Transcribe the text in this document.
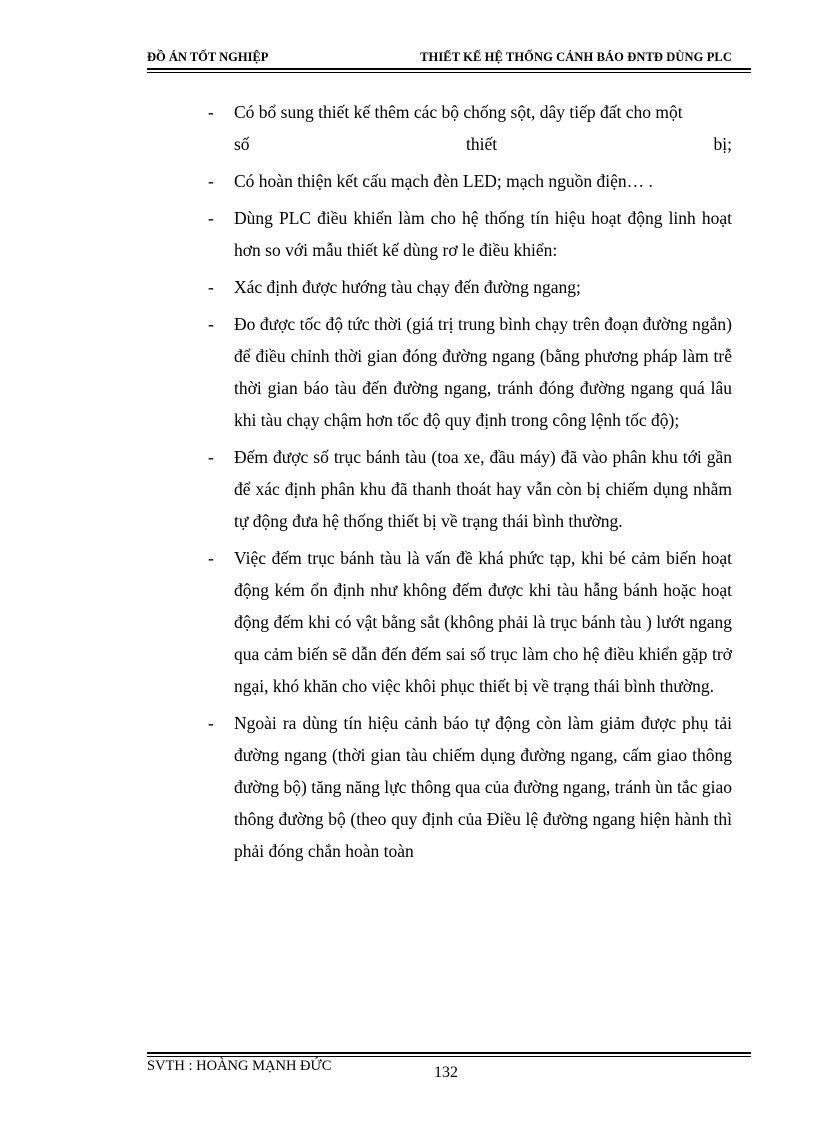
ĐỒ ÁN TỐT NGHIỆP	THIẾT KẾ HỆ THỐNG CẢNH BÁO ĐNTĐ DÙNG PLC
- Có bổ sung thiết kế thêm các bộ chống sột, dây tiếp đất cho một
số	thiết	bị;
- Có hoàn thiện kết cấu mạch đèn LED; mạch nguồn điện… .
- Dùng PLC điều khiển làm cho hệ thống tín hiệu hoạt động linh hoạt hơn so với mẫu thiết kế dùng rơ le điều khiển:
- Xác định được hướng tàu chạy đến đường ngang;
- Đo được tốc độ tức thời (giá trị trung bình chạy trên đoạn đường ngắn) để điều chỉnh thời gian đóng đường ngang (bằng phương pháp làm trễ thời gian báo tàu đến đường ngang, tránh đóng đường ngang quá lâu khi tàu chạy chậm hơn tốc độ quy định trong công lệnh tốc độ);
- Đếm được số trục bánh tàu (toa xe, đầu máy) đã vào phân khu tới gần để xác định phân khu đã thanh thoát hay vẫn còn bị chiếm dụng nhằm tự động đưa hệ thống thiết bị về trạng thái bình thường.
- Việc đếm trục bánh tàu là vấn đề khá phức tạp, khi bé cảm biến hoạt động kém ổn định như không đếm được khi tàu hẫng bánh hoặc hoạt động đếm khi có vật bằng sắt (không phải là trục bánh tàu ) lướt ngang qua cảm biến sẽ dẫn đến đếm sai số trục làm cho hệ điều khiển gặp trở ngại, khó khăn cho việc khôi phục thiết bị về trạng thái bình thường.
- Ngoài ra dùng tín hiệu cảnh báo tự động còn làm giảm được phụ tải đường ngang (thời gian tàu chiếm dụng đường ngang, cấm giao thông đường bộ) tăng năng lực thông qua của đường ngang, tránh ùn tắc giao thông đường bộ (theo quy định của Điều lệ đường ngang hiện hành thì phải đóng chắn hoàn toàn
SVTH : HOÀNG MẠNH ĐỨC	132
